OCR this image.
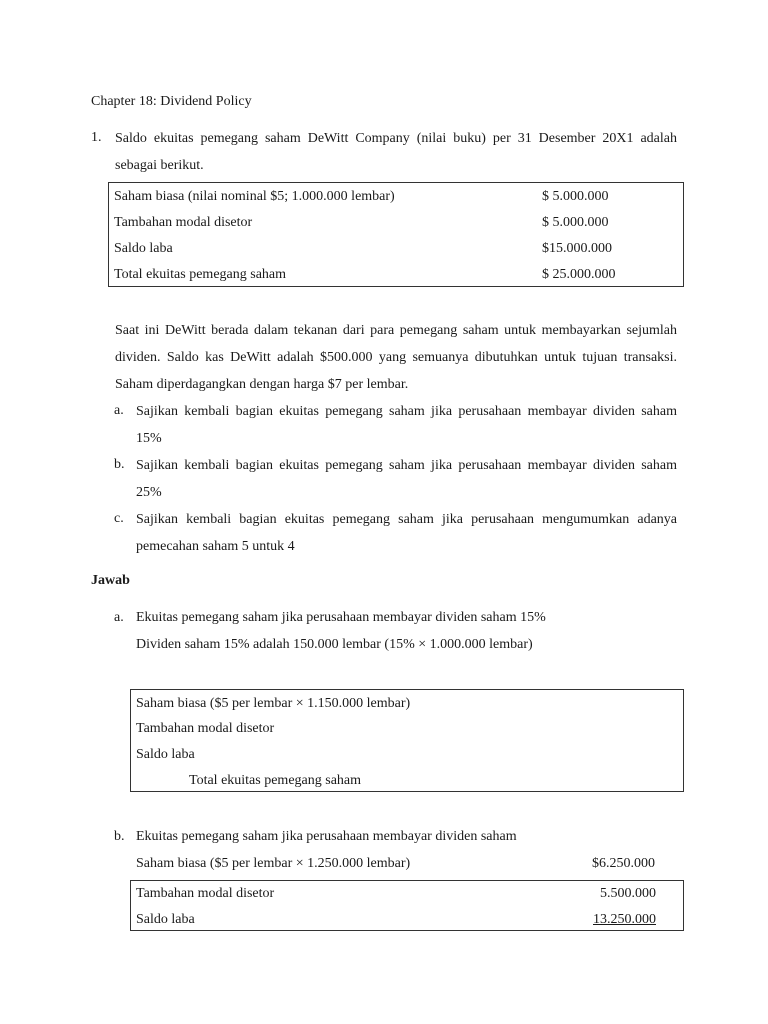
Chapter 18: Dividend Policy
1. Saldo ekuitas pemegang saham DeWitt Company (nilai buku) per 31 Desember 20X1 adalah sebagai berikut.

Saham biasa (nilai nominal $5; 1.000.000 lembar)	$ 5.000.000
Tambahan modal disetor	$ 5.000.000
Saldo laba	$15.000.000
Total ekuitas pemegang saham	$ 25.000.000

Saat ini DeWitt berada dalam tekanan dari para pemegang saham untuk membayarkan sejumlah dividen. Saldo kas DeWitt adalah $500.000 yang semuanya dibutuhkan untuk tujuan transaksi. Saham diperdagangkan dengan harga $7 per lembar.

a. Sajikan kembali bagian ekuitas pemegang saham jika perusahaan membayar dividen saham 15%

b. Sajikan kembali bagian ekuitas pemegang saham jika perusahaan membayar dividen saham 25%

c. Sajikan kembali bagian ekuitas pemegang saham jika perusahaan mengumumkan adanya pemecahan saham 5 untuk 4

Jawab
a. Ekuitas pemegang saham jika perusahaan membayar dividen saham 15%
Dividen saham 15% adalah 150.000 lembar (15% × 1.000.000 lembar)
Saham biasa ($5 per lembar × 1.150.000 lembar)
Tambahan modal disetor
Saldo laba
Total ekuitas pemegang saham
b. Ekuitas pemegang saham jika perusahaan membayar dividen saham
Saham biasa ($5 per lembar × 1.250.000 lembar)	$6.250.000
Tambahan modal disetor	5.500.000
Saldo laba	13.250.000
